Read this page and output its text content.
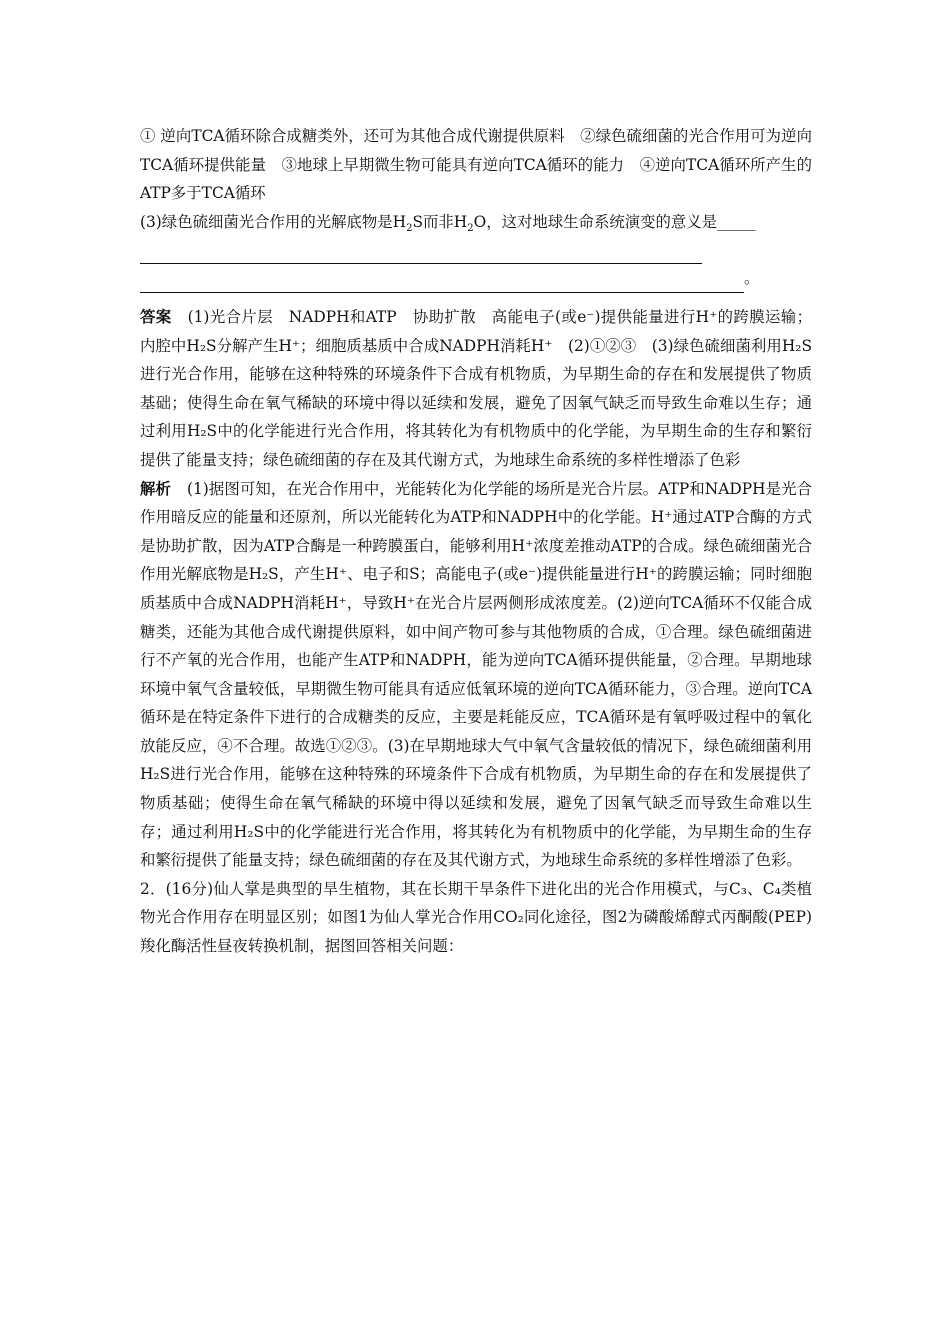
① 逆向TCA循环除合成糖类外，还可为其他合成代谢提供原料　②绿色硫细菌的光合作用可为逆向TCA循环提供能量　③地球上早期微生物可能具有逆向TCA循环的能力　④逆向TCA循环所产生的ATP多于TCA循环

(3)绿色硫细菌光合作用的光解底物是$H_2S$而非$H_2O$，这对地球生命系统演变的意义是_____

。

答案 (1)光合片层　NADPH和ATP　协助扩散　高能电子(或e⁻)提供能量进行H⁺的跨膜运输；内腔中H₂S分解产生H⁺；细胞质基质中合成NADPH消耗H⁺　(2)①②③　(3)绿色硫细菌利用H₂S进行光合作用，能够在这种特殊的环境条件下合成有机物质，为早期生命的存在和发展提供了物质基础；使得生命在氧气稀缺的环境中得以延续和发展，避免了因氧气缺乏而导致生命难以生存；通过利用H₂S中的化学能进行光合作用，将其转化为有机物质中的化学能，为早期生命的生存和繁衍提供了能量支持；绿色硫细菌的存在及其代谢方式，为地球生命系统的多样性增添了色彩

解析 (1)据图可知，在光合作用中，光能转化为化学能的场所是光合片层。ATP和NADPH是光合作用暗反应的能量和还原剂，所以光能转化为ATP和NADPH中的化学能。H⁺通过ATP合酶的方式是协助扩散，因为ATP合酶是一种跨膜蛋白，能够利用H⁺浓度差推动ATP的合成。绿色硫细菌光合作用光解底物是H₂S，产生H⁺、电子和S；高能电子(或e⁻)提供能量进行H⁺的跨膜运输；同时细胞质基质中合成NADPH消耗H⁺，导致H⁺在光合片层两侧形成浓度差。(2)逆向TCA循环不仅能合成糖类，还能为其他合成代谢提供原料，如中间产物可参与其他物质的合成，①合理。绿色硫细菌进行不产氧的光合作用，也能产生ATP和NADPH，能为逆向TCA循环提供能量，②合理。早期地球环境中氧气含量较低，早期微生物可能具有适应低氧环境的逆向TCA循环能力，③合理。逆向TCA循环是在特定条件下进行的合成糖类的反应，主要是耗能反应，TCA循环是有氧呼吸过程中的氧化放能反应，④不合理。故选①②③。(3)在早期地球大气中氧气含量较低的情况下，绿色硫细菌利用H₂S进行光合作用，能够在这种特殊的环境条件下合成有机物质，为早期生命的存在和发展提供了物质基础；使得生命在氧气稀缺的环境中得以延续和发展，避免了因氧气缺乏而导致生命难以生存；通过利用H₂S中的化学能进行光合作用，将其转化为有机物质中的化学能，为早期生命的生存和繁衍提供了能量支持；绿色硫细菌的存在及其代谢方式，为地球生命系统的多样性增添了色彩。

2．(16分)仙人掌是典型的旱生植物，其在长期干旱条件下进化出的光合作用模式，与C₃、C₄类植物光合作用存在明显区别；如图1为仙人掌光合作用CO₂同化途径，图2为磷酸烯醇式丙酮酸(PEP)羧化酶活性昼夜转换机制，据图回答相关问题：
